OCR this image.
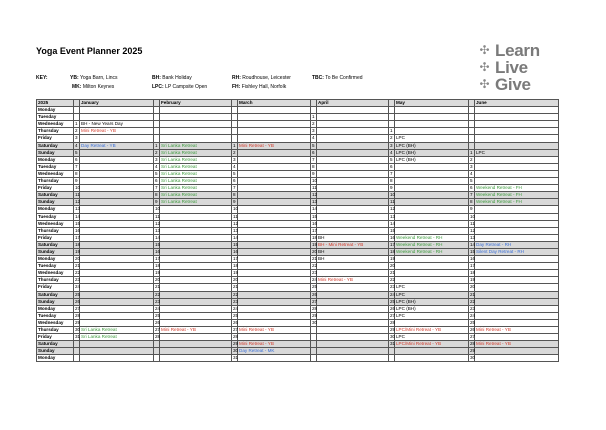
Yoga Event Planner 2025
KEY:	YB: Yoga Barn, Lincs	BH: Bank Holiday	RH: Roudhouse, Leicester	TBC: To Be Confirmed
MK: Milton Keynes	LPC: LP Campsite Open	FH: Fishley Hall, Norfolk
✣ Learn
✣ Live
✣ Give
2025		January		February		March		April		May		June
Monday												
Tuesday							1					
Wednesday	1	BH - New Years Day					2					
Thursday	2	Mini Retreat - YB					3		1			
Friday	3						4		2	LPC		
Saturday	4	Day Retreat - YB	1	Sri Lanka Retreat	1	Mini Retreat - YB	5		3	LPC (BH)		
Sunday	5		2	Sri Lanka Retreat	2		6		4	LPC (BH)	1	LPC
Monday	6		3	Sri Lanka Retreat	3		7		5	LPC (BH)	2	
Tuesday	7		4	Sri Lanka Retreat	4		8		6		3	
Wednesday	8		5	Sri Lanka Retreat	5		9		7		4	
Thursday	9		6	Sri Lanka Retreat	6		10		8		5	
Friday	10		7	Sri Lanka Retreat	7		11		9		6	Weekend Retreat - FH
Saturday	11		8	Sri Lanka Retreat	8		12		10		7	Weekend Retreat - FH
Sunday	12		9	Sri Lanka Retreat	9		13		11		8	Weekend Retreat - FH
Monday	13		10		10		14		12		9	
Tuesday	14		11		11		15		13		10	
Wednesday	15		12		12		16		14		11	
Thursday	16		13		13		17		15		12	
Friday	17		14		14		18	BH	16	Weekend Retreat - RH	13	
Saturday	18		15		15		19	BH - Mini Retreat - YB	17	Weekend Retreat - RH	14	Day Retreat - RH
Sunday	19		16		16		20	BH	18	Weekend Retreat - RH	15	Silent Day Retreat - RH
Monday	20		17		17		21	BH	19		16	
Tuesday	21		18		18		22		20		17	
Wednesday	22		19		19		23		21		18	
Thursday	23		20		20		24	Mini Retreat - YB	22		19	
Friday	24		21		21		25		23	LPC	20	
Saturday	25		22		22		26		24	LPC	21	
Sunday	26		23		23		27		25	LPC (BH)	22	
Monday	27		24		24		28		26	LPC (BH)	23	
Tuesday	28		25		25		29		27	LPC	24	
Wednesday	29		26		26		30		28		25	
Thursday	30	Sri Lanka Retreat	27	Mini Retreat - YB	27	Mini Retreat - YB			29	LPC/Mini Retreat - YB	26	Mini Retreat - YB
Friday	31	Sri Lanka Retreat	28		28				30	LPC	27	
Saturday					29	Mini Retreat - YB			31	LPC/Mini Retreat - YB	28	Mini Retreat - YB
Sunday					30	Day Retreat - MK					29	
Monday					31						30	
